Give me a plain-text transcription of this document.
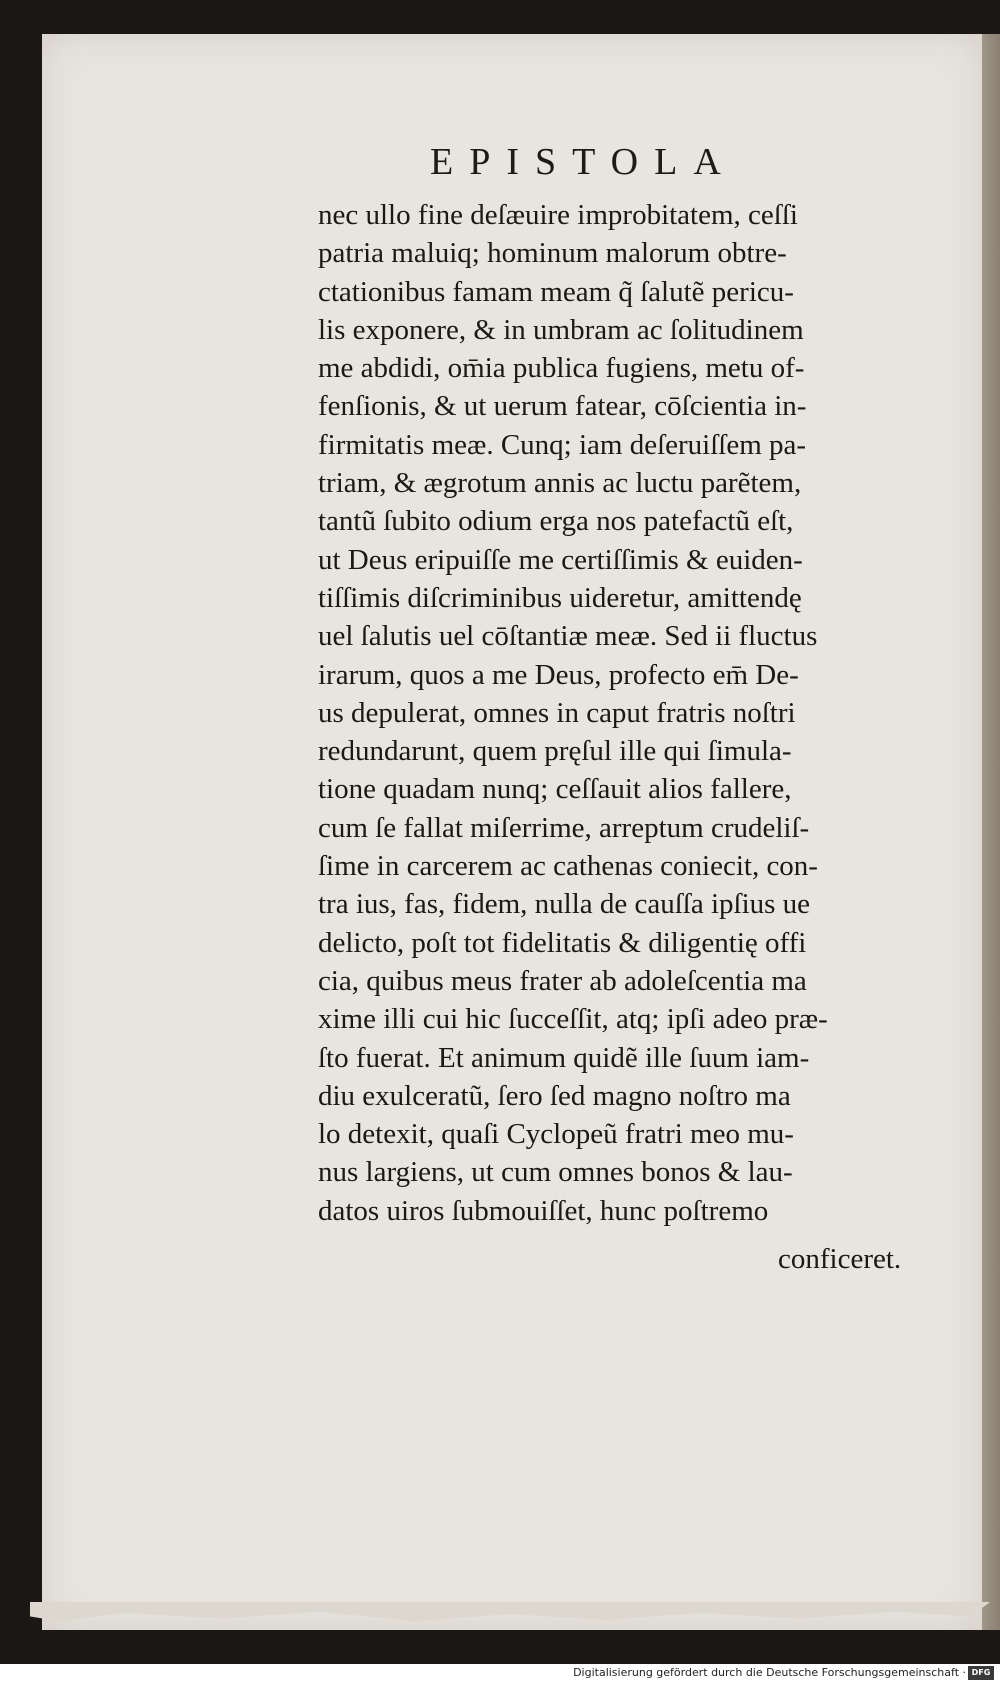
EPISTOLA
nec ullo fine deſæuire improbitatem, ceſſi
patria maluiq; hominum malorum obtre-
ctationibus famam meam q̃ ſalutẽ pericu-
lis exponere, & in umbram ac ſolitudinem
me abdidi, om̄ia publica fugiens, metu of-
fenſionis, & ut uerum fatear, cōſcientia in-
firmitatis meæ. Cunq; iam deſeruiſſem pa-
triam, & ægrotum annis ac luctu parẽtem,
tantũ ſubito odium erga nos patefactũ eſt,
ut Deus eripuiſſe me certiſſimis & euiden-
tiſſimis diſcriminibus uideretur, amittendę
uel ſalutis uel cōſtantiæ meæ. Sed ii fluctus
irarum, quos a me Deus, profecto em̄ De-
us depulerat, omnes in caput fratris noſtri
redundarunt, quem pręſul ille qui ſimula-
tione quadam nunq; ceſſauit alios fallere,
cum ſe fallat miſerrime, arreptum crudeliſ-
ſime in carcerem ac cathenas coniecit, con-
tra ius, fas, fidem, nulla de cauſſa ipſius ue
delicto, poſt tot fidelitatis & diligentię offi
cia, quibus meus frater ab adoleſcentia ma
xime illi cui hic ſucceſſit, atq; ipſi adeo præ-
ſto fuerat. Et animum quidẽ ille ſuum iam-
diu exulceratũ, ſero ſed magno noſtro ma
lo detexit, quaſi Cyclopeũ fratri meo mu-
nus largiens, ut cum omnes bonos & lau-
datos uiros ſubmouiſſet, hunc poſtremo
conficeret.
Digitalisierung gefördert durch die Deutsche Forschungsgemeinschaft · DFG
